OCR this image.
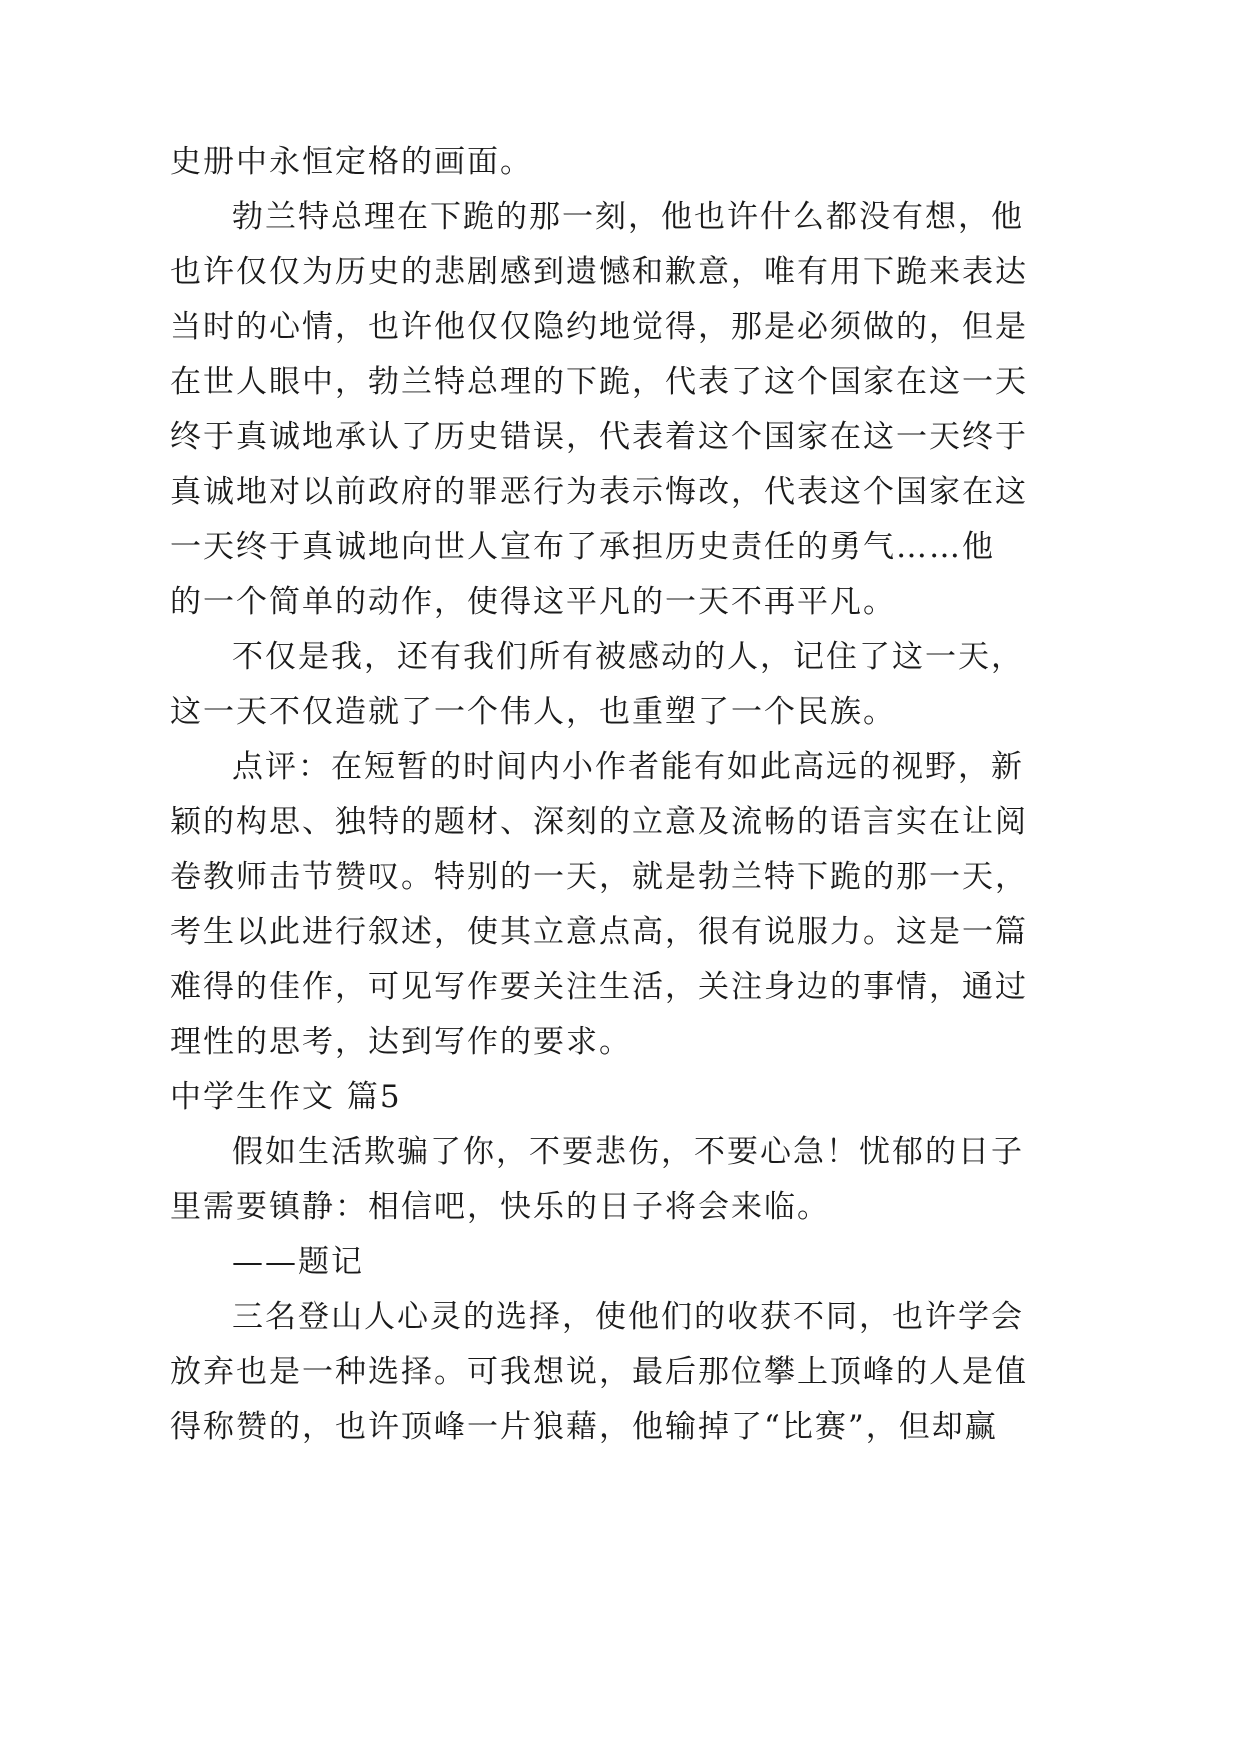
史册中永恒定格的画面。
勃兰特总理在下跪的那一刻，他也许什么都没有想，他
也许仅仅为历史的悲剧感到遗憾和歉意，唯有用下跪来表达
当时的心情，也许他仅仅隐约地觉得，那是必须做的，但是
在世人眼中，勃兰特总理的下跪，代表了这个国家在这一天
终于真诚地承认了历史错误，代表着这个国家在这一天终于
真诚地对以前政府的罪恶行为表示悔改，代表这个国家在这
一天终于真诚地向世人宣布了承担历史责任的勇气……他
的一个简单的动作，使得这平凡的一天不再平凡。
不仅是我，还有我们所有被感动的人，记住了这一天，
这一天不仅造就了一个伟人，也重塑了一个民族。
点评：在短暂的时间内小作者能有如此高远的视野，新
颖的构思、独特的题材、深刻的立意及流畅的语言实在让阅
卷教师击节赞叹。特别的一天，就是勃兰特下跪的那一天，
考生以此进行叙述，使其立意点高，很有说服力。这是一篇
难得的佳作，可见写作要关注生活，关注身边的事情，通过
理性的思考，达到写作的要求。
中学生作文 篇5
假如生活欺骗了你，不要悲伤，不要心急！忧郁的日子
里需要镇静：相信吧，快乐的日子将会来临。
——题记
三名登山人心灵的选择，使他们的收获不同，也许学会
放弃也是一种选择。可我想说，最后那位攀上顶峰的人是值
得称赞的，也许顶峰一片狼藉，他输掉了“比赛”，但却赢
